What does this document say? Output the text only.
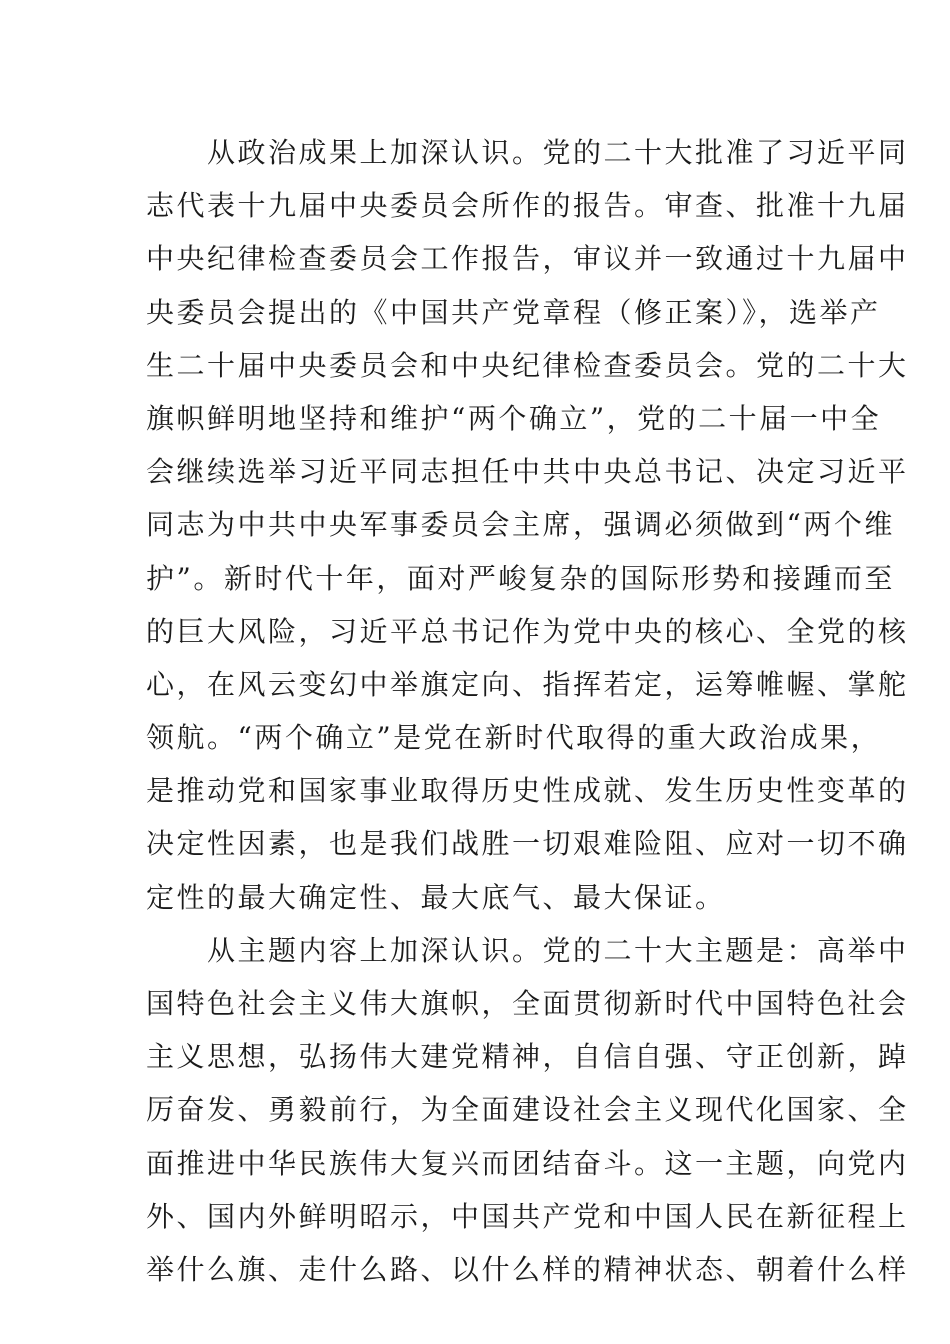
　　从政治成果上加深认识。党的二十大批准了习近平同
志代表十九届中央委员会所作的报告。审查、批准十九届
中央纪律检查委员会工作报告，审议并一致通过十九届中
央委员会提出的《中国共产党章程（修正案）》，选举产
生二十届中央委员会和中央纪律检查委员会。党的二十大
旗帜鲜明地坚持和维护“两个确立”，党的二十届一中全
会继续选举习近平同志担任中共中央总书记、决定习近平
同志为中共中央军事委员会主席，强调必须做到“两个维
护”。新时代十年，面对严峻复杂的国际形势和接踵而至
的巨大风险，习近平总书记作为党中央的核心、全党的核
心，在风云变幻中举旗定向、指挥若定，运筹帷幄、掌舵
领航。“两个确立”是党在新时代取得的重大政治成果，
是推动党和国家事业取得历史性成就、发生历史性变革的
决定性因素，也是我们战胜一切艰难险阻、应对一切不确
定性的最大确定性、最大底气、最大保证。
　　从主题内容上加深认识。党的二十大主题是：高举中
国特色社会主义伟大旗帜，全面贯彻新时代中国特色社会
主义思想，弘扬伟大建党精神，自信自强、守正创新，踔
厉奋发、勇毅前行，为全面建设社会主义现代化国家、全
面推进中华民族伟大复兴而团结奋斗。这一主题，向党内
外、国内外鲜明昭示，中国共产党和中国人民在新征程上
举什么旗、走什么路、以什么样的精神状态、朝着什么样
